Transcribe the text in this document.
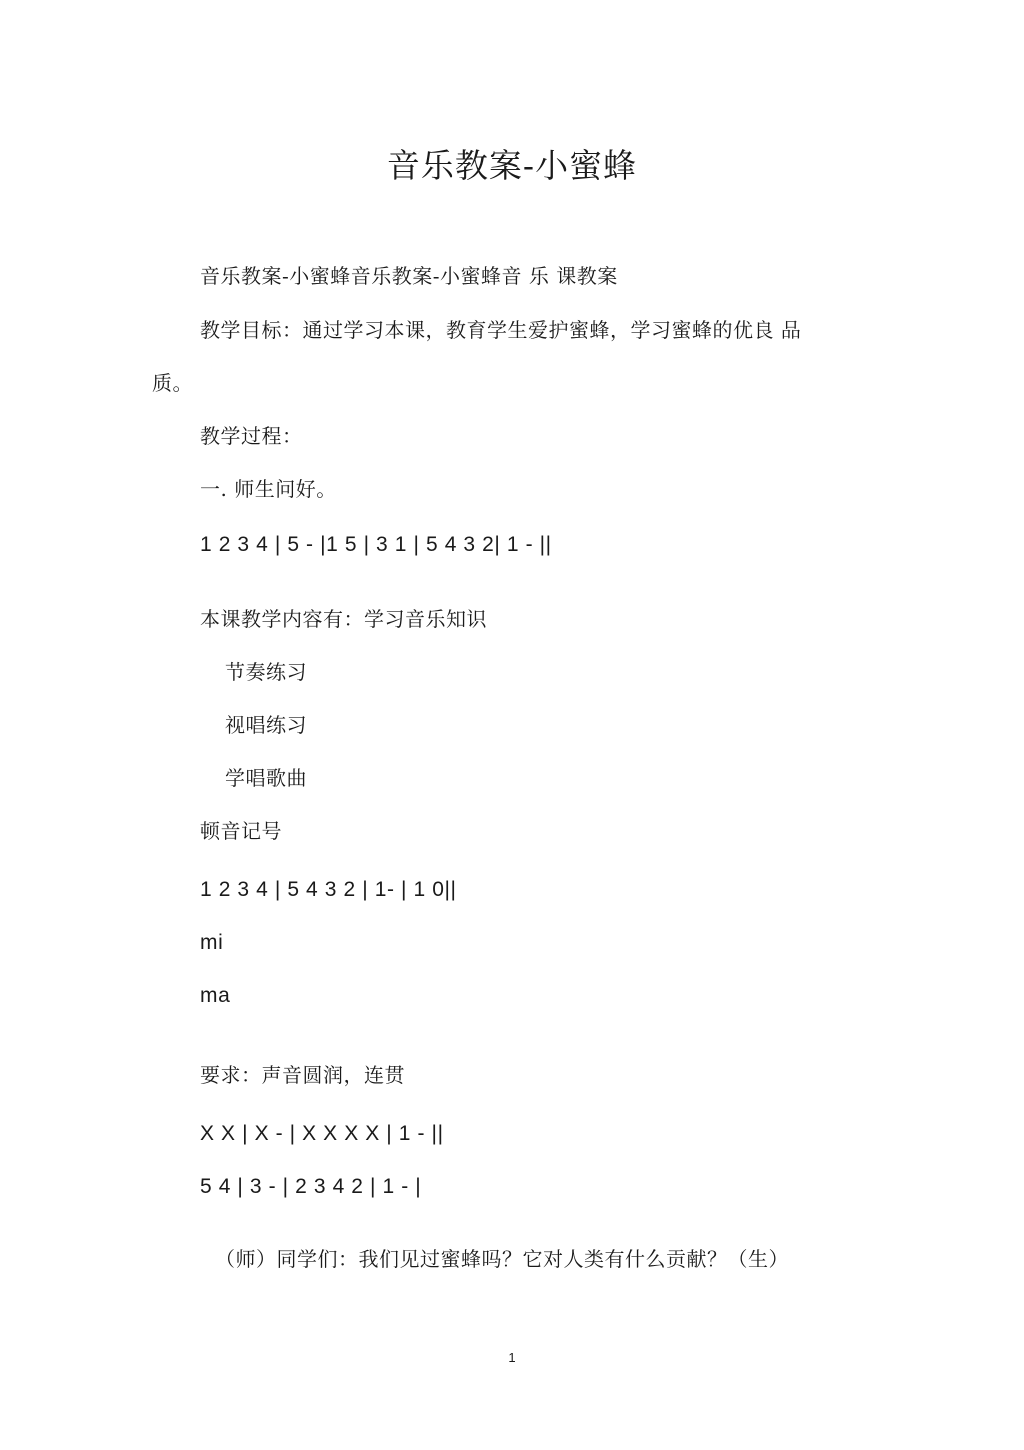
音乐教案-小蜜蜂
音乐教案-小蜜蜂音乐教案-小蜜蜂音 乐 课教案
教学目标：通过学习本课，教育学生爱护蜜蜂，学习蜜蜂的优良 品
质。
教学过程：
一. 师生问好。
1 2 3 4 | 5 - |1 5 | 3 1 | 5 4 3 2| 1 - ||
本课教学内容有：学习音乐知识
节奏练习
视唱练习
学唱歌曲
顿音记号
1 2 3 4 | 5 4 3 2 | 1- | 1 0||
mi
ma
要求：声音圆润，连贯
X X | X - | X X X X | 1 - ||
5 4 | 3 - | 2 3 4 2 | 1 - |
（师）同学们：我们见过蜜蜂吗？它对人类有什么贡献？（生）
1
